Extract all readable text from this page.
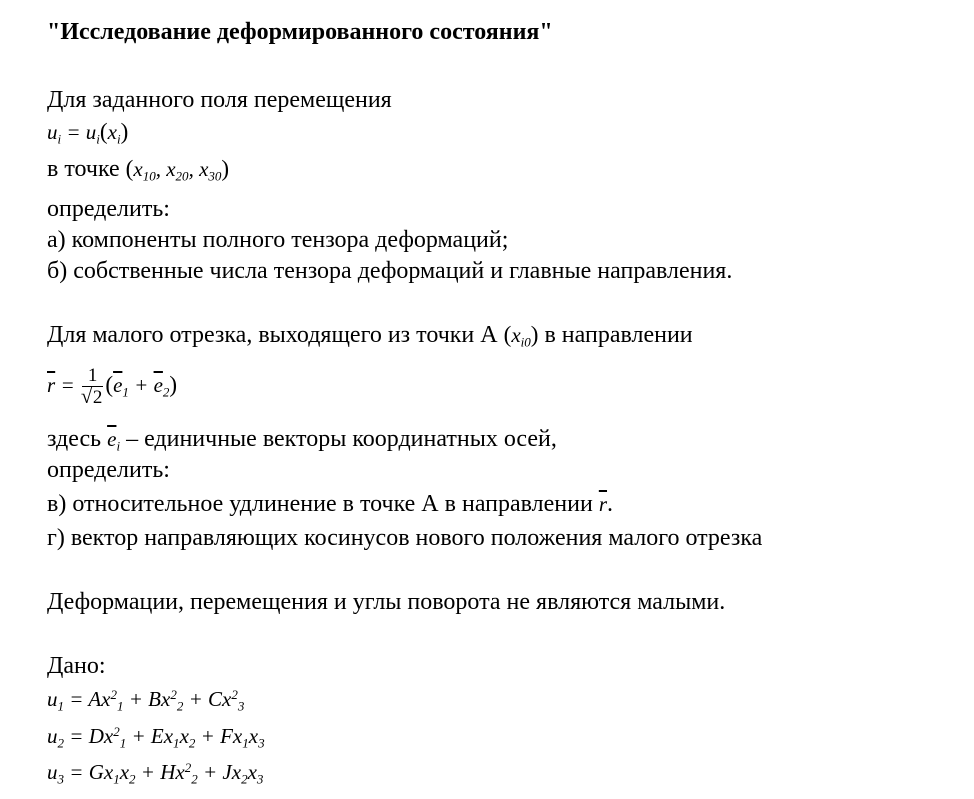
"Исследование деформированного состояния"
Для заданного поля перемещения
$u_i = u_i(x_i)$
в точке ($x_{10}$, $x_{20}$, $x_{30}$)
определить:
а) компоненты полного тензора деформаций;
б) собственные числа тензора деформаций и главные направления.
Для малого отрезка, выходящего из точки А $(x_{i0})$ в направлении
$\overline{r} = \frac{1}{√ 2} (\overline{e}_1 + \overline{e}_2)$
здесь $\overline{e}_i$ – единичные векторы координатных осей,
определить:
в) относительное удлинение в точке А в направлении $\overline{r}$.
г) вектор направляющих косинусов нового положения малого отрезка
Деформации, перемещения и углы поворота не являются малыми.
Дано:
$u_1 = Ax^2_1 + Bx^2_2 + Cx^2_3$
$u_2 = Dx^2_1 + Ex_1x_2 + Fx_1x_3$
$u_3 = Gx_1x_2 + Hx^2_2 + Jx_2x_3$
